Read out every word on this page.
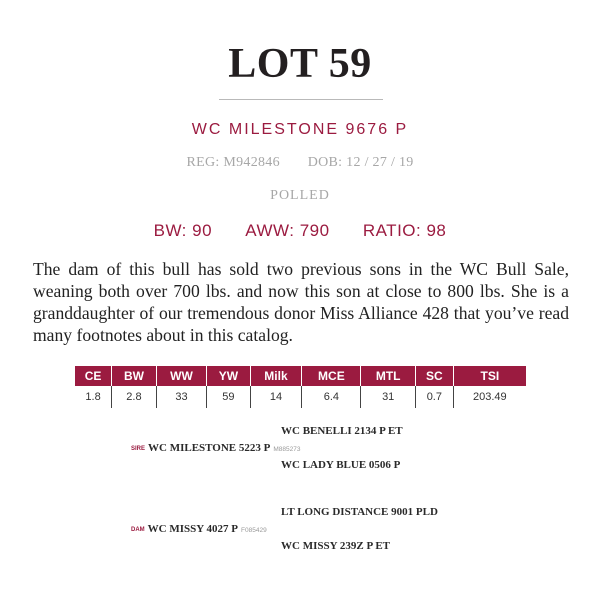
LOT 59
WC MILESTONE 9676 P
REG: M942846 DOB: 12 / 27 / 19
POLLED
BW: 90 AWW: 790 RATIO: 98

The dam of this bull has sold two previous sons in the WC Bull Sale, weaning both over 700 lbs. and now this son at close to 800 lbs. She is a granddaughter of our tremendous donor Miss Alliance 428 that you’ve read many footnotes about in this catalog.

CE	BW	WW	YW	Milk	MCE	MTL	SC	TSI
1.8	2.8	33	59	14	6.4	31	0.7	203.49
WC BENELLI 2134 P ET
SIRE WC MILESTONE 5223 P M885273
WC LADY BLUE 0506 P
LT LONG DISTANCE 9001 PLD
DAM WC MISSY 4027 P F085429
WC MISSY 239Z P ET
